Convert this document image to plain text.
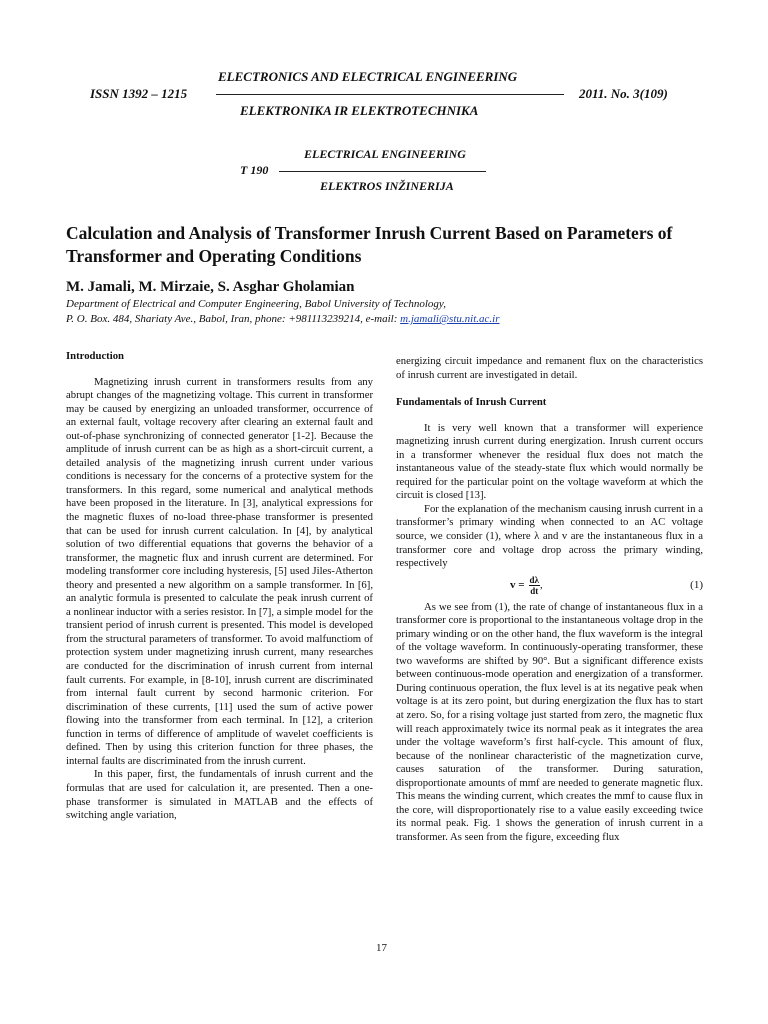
ELECTRONICS AND ELECTRICAL ENGINEERING
ISSN 1392 – 1215	2011. No. 3(109)
ELEKTRONIKA IR ELEKTROTECHNIKA
ELECTRICAL ENGINEERING
T 190
ELEKTROS INŽINERIJA
Calculation and Analysis of Transformer Inrush Current Based on Parameters of Transformer and Operating Conditions
M. Jamali, M. Mirzaie, S. Asghar Gholamian
Department of Electrical and Computer Engineering, Babol University of Technology,
P. O. Box. 484, Shariaty Ave., Babol, Iran, phone: +981113239214, e-mail: m.jamali@stu.nit.ac.ir

Introduction

Magnetizing inrush current in transformers results from any abrupt changes of the magnetizing voltage. This current in transformer may be caused by energizing an unloaded transformer, occurrence of an external fault, voltage recovery after clearing an external fault and out-of-phase synchronizing of connected generator [1-2]. Because the amplitude of inrush current can be as high as a short-circuit current, a detailed analysis of the magnetizing inrush current under various conditions is necessary for the concerns of a protective system for the transformers. In this regard, some numerical and analytical methods have been proposed in the literature. In [3], analytical expressions for the magnetic fluxes of no-load three-phase transformer is presented that can be used for inrush current calculation. In [4], by analytical solution of two differential equations that governs the behavior of a transformer, the magnetic flux and inrush current are determined. For modeling transformer core including hysteresis, [5] used Jiles-Atherton theory and presented a new algorithm on a sample transformer. In [6], an analytic formula is presented to calculate the peak inrush current of a nonlinear inductor with a series resistor. In [7], a simple model for the transient period of inrush current is presented. This model is developed from the structural parameters of transformer. To avoid malfunctiom of protection system under magnetizing inrush current, many researches are conducted for the discrimination of inrush current from internal fault currents. For example, in [8-10], inrush current are discriminated from internal fault current by second harmonic criterion. For discrimination of these currents, [11] used the sum of active power flowing into the transformer from each terminal. In [12], a criterion function in terms of difference of amplitude of wavelet coefficients is defined. Then by using this criterion function for three phases, the internal faults are discriminated from the inrush current.

In this paper, first, the fundamentals of inrush current and the formulas that are used for calculation it, are presented. Then a one-phase transformer is simulated in MATLAB and the effects of switching angle variation,

energizing circuit impedance and remanent flux on the characteristics of inrush current are investigated in detail.

Fundamentals of Inrush Current

It is very well known that a transformer will experience magnetizing inrush current during energization. Inrush current occurs in a transformer whenever the residual flux does not match the instantaneous value of the steady-state flux which would normally be required for the particular point on the voltage waveform at which the circuit is closed [13].

For the explanation of the mechanism causing inrush current in a transformer’s primary winding when connected to an AC voltage source, we consider (1), where λ and v are the instantaneous flux in a transformer core and voltage drop across the primary winding, respectively

$v = \frac{d\lambda}{dt}$ ,	(1)

As we see from (1), the rate of change of instantaneous flux in a transformer core is proportional to the instantaneous voltage drop in the primary winding or on the other hand, the flux waveform is the integral of the voltage waveform. In continuously-operating transformer, these two waveforms are shifted by 90°. But a significant difference exists between continuous-mode operation and energization of a transformer. During continuous operation, the flux level is at its negative peak when voltage is at its zero point, but during energization the flux has to start at zero. So, for a rising voltage just started from zero, the magnetic flux will reach approximately twice its normal peak as it integrates the area under the voltage waveform’s first half-cycle. This amount of flux, because of the nonlinear characteristic of the magnetization curve, causes saturation of the transformer. During saturation, disproportionate amounts of mmf are needed to generate magnetic flux. This means the winding current, which creates the mmf to cause flux in the core, will disproportionately rise to a value easily exceeding twice its normal peak. Fig. 1 shows the generation of inrush current in a transformer. As seen from the figure, exceeding flux

17
